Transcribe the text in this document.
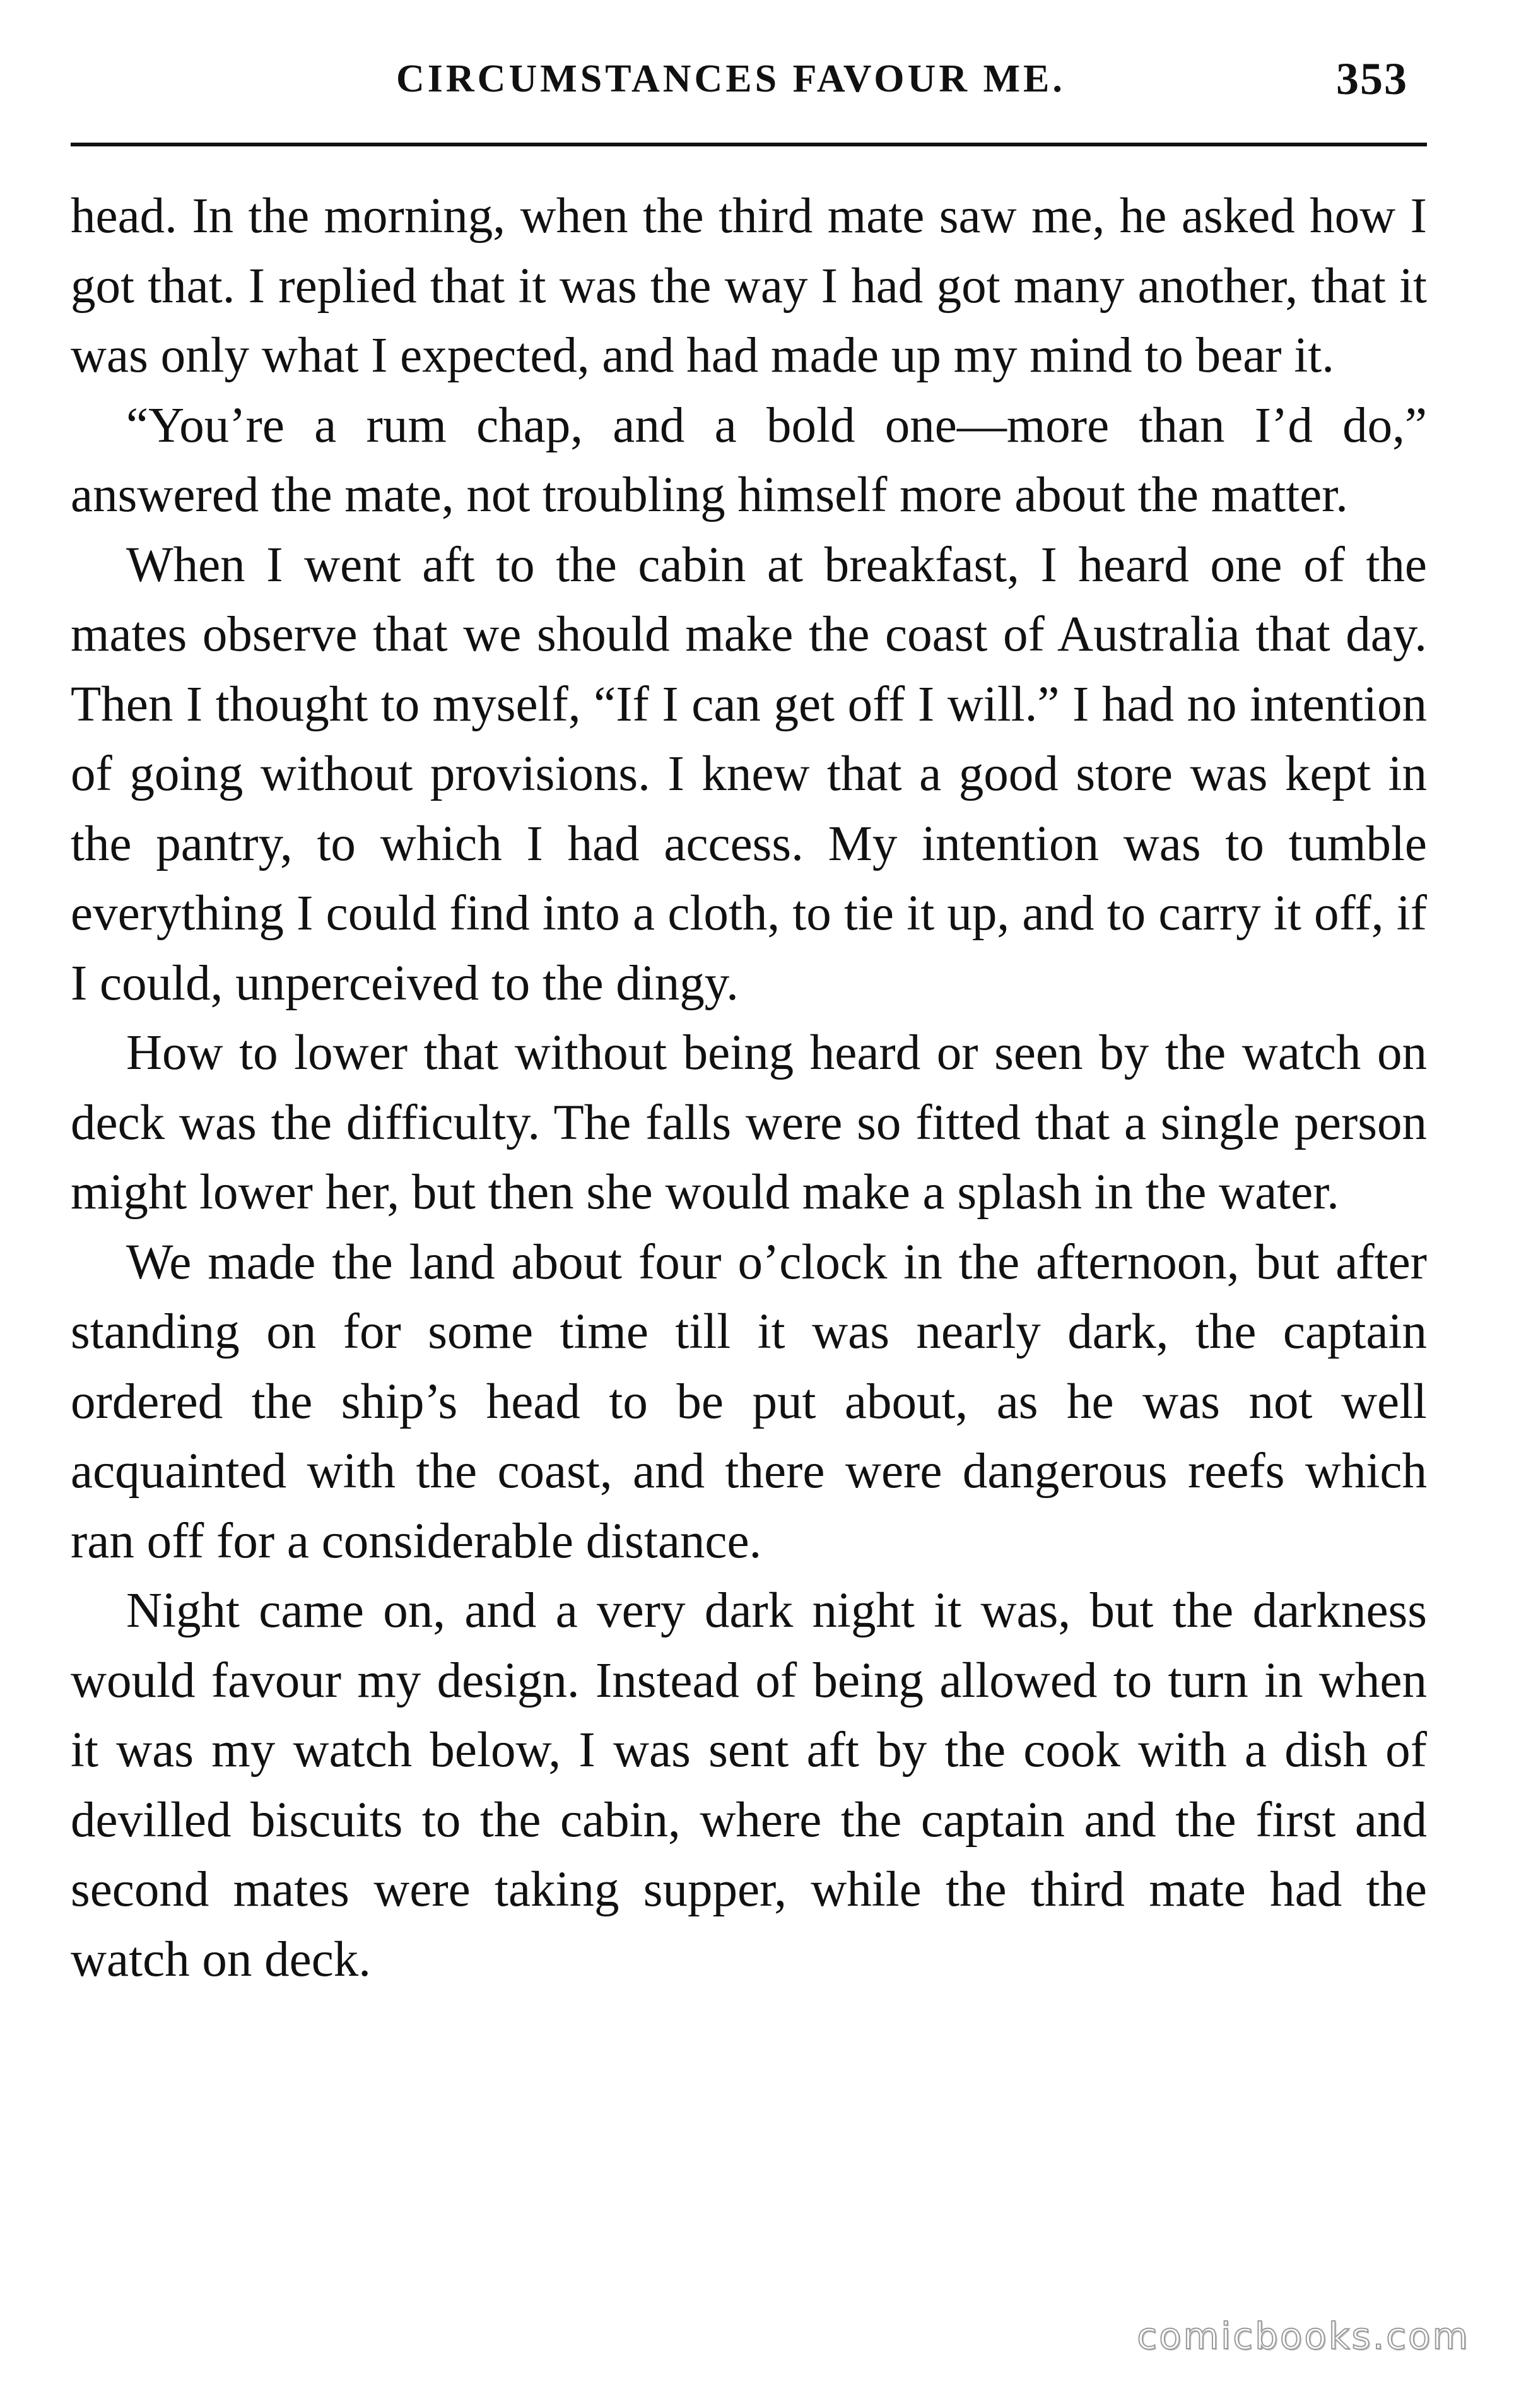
CIRCUMSTANCES FAVOUR ME.	353

head. In the morning, when the third mate saw me, he asked how I got that. I replied that it was the way I had got many another, that it was only what I expected, and had made up my mind to bear it.

“You’re a rum chap, and a bold one—more than I’d do,” answered the mate, not troubling himself more about the matter.

When I went aft to the cabin at breakfast, I heard one of the mates observe that we should make the coast of Australia that day. Then I thought to myself, “If I can get off I will.” I had no intention of going without provisions. I knew that a good store was kept in the pantry, to which I had access. My intention was to tumble everything I could find into a cloth, to tie it up, and to carry it off, if I could, unperceived to the dingy.

How to lower that without being heard or seen by the watch on deck was the difficulty. The falls were so fitted that a single person might lower her, but then she would make a splash in the water.

We made the land about four o’clock in the afternoon, but after standing on for some time till it was nearly dark, the captain ordered the ship’s head to be put about, as he was not well acquainted with the coast, and there were dangerous reefs which ran off for a considerable distance.

Night came on, and a very dark night it was, but the darkness would favour my design. Instead of being allowed to turn in when it was my watch below, I was sent aft by the cook with a dish of devilled biscuits to the cabin, where the captain and the first and second mates were taking supper, while the third mate had the watch on deck.

comicbooks.com
